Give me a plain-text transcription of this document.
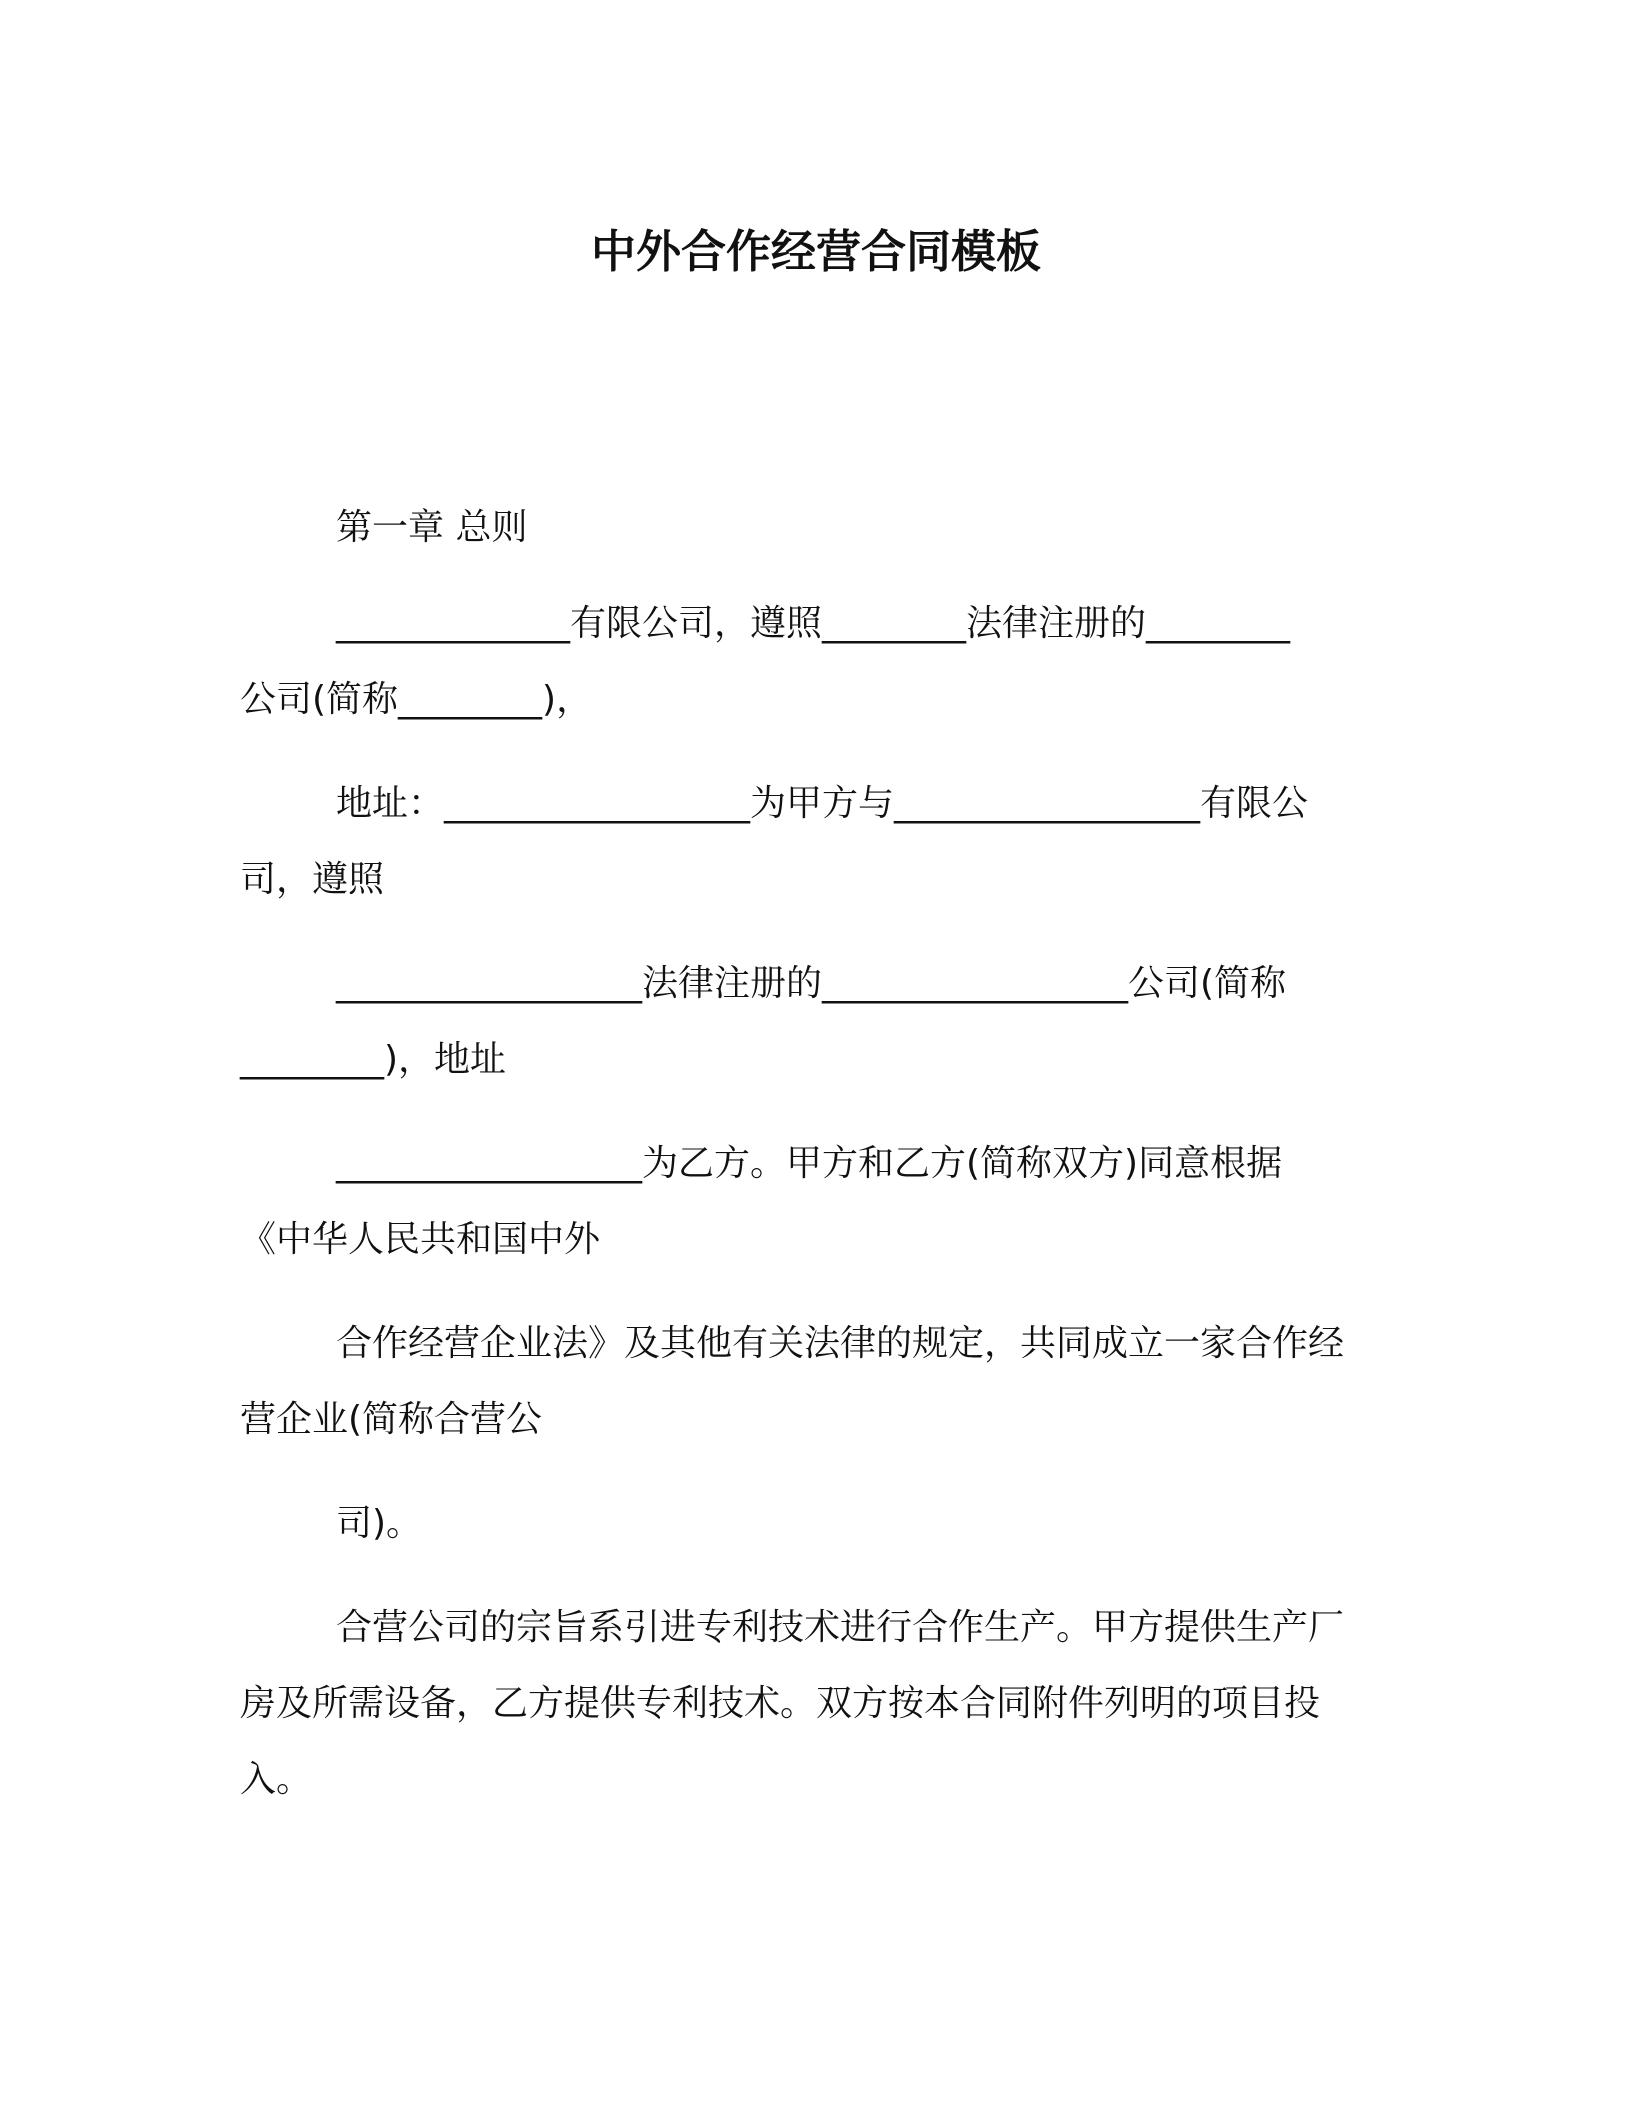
中外合作经营合同模板
第一章 总则
_____________有限公司，遵照________法律注册的________
公司(简称________)，
地址：_________________为甲方与_________________有限公
司，遵照
_________________法律注册的_________________公司(简称
________)，地址
_________________为乙方。甲方和乙方(简称双方)同意根据
《中华人民共和国中外
合作经营企业法》及其他有关法律的规定，共同成立一家合作经
营企业(简称合营公
司)。
合营公司的宗旨系引进专利技术进行合作生产。甲方提供生产厂
房及所需设备，乙方提供专利技术。双方按本合同附件列明的项目投
入。
